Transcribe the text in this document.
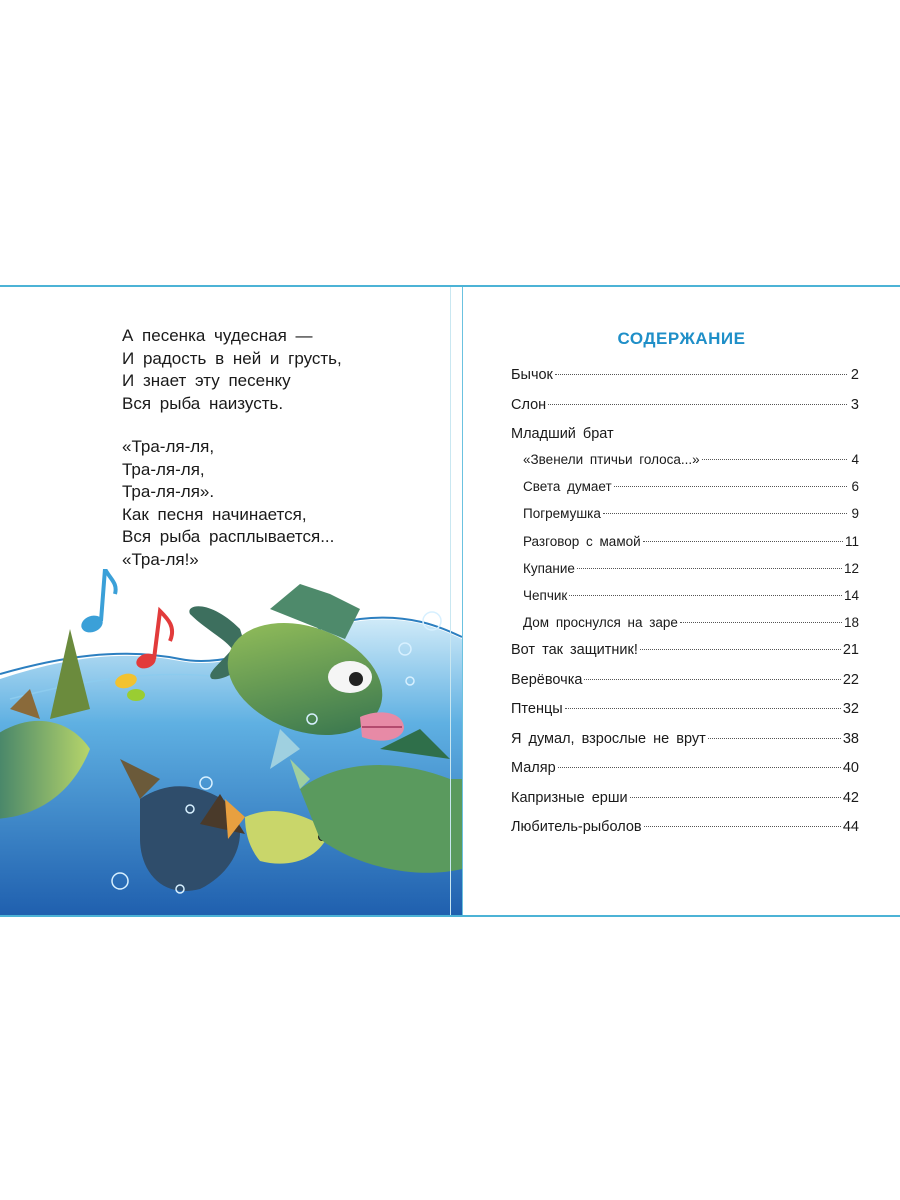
А песенка чудесная —
И радость в ней и грусть,
И знает эту песенку
Вся рыба наизусть.
«Тра-ля-ля,
Тра-ля-ля,
Тра-ля-ля».
Как песня начинается,
Вся рыба расплывается...
«Тра-ля!»
СОДЕРЖАНИЕ
Бычок	2
Слон	3
Младший брат
«Звенели птичьи голоса...»	4
Света думает	6
Погремушка	9
Разговор с мамой	11
Купание	12
Чепчик	14
Дом проснулся на заре	18
Вот так защитник!	21
Верёвочка	22
Птенцы	32
Я думал, взрослые не врут	38
Маляр	40
Капризные ерши	42
Любитель-рыболов	44
